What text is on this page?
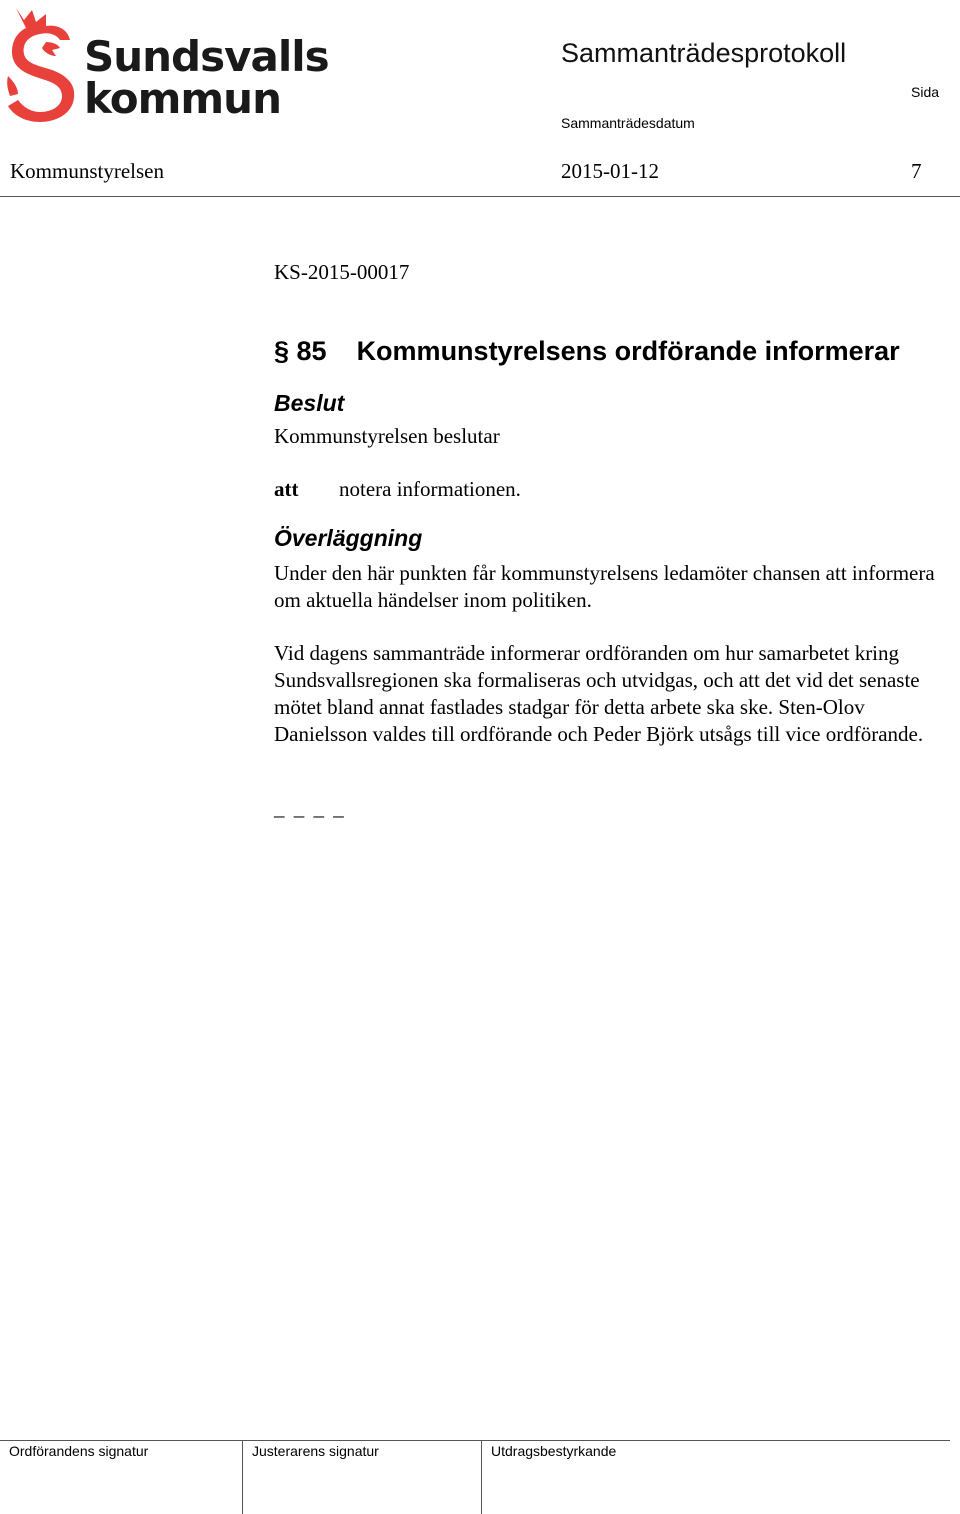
Sundsvalls
kommun
Sammanträdesprotokoll
Sida
Sammanträdesdatum
Kommunstyrelsen	2015-01-12	7
KS-2015-00017
§ 85 Kommunstyrelsens ordförande informerar
Beslut
Kommunstyrelsen beslutar
att notera informationen.
Överläggning
Under den här punkten får kommunstyrelsens ledamöter chansen att informera om aktuella händelser inom politiken.
Vid dagens sammanträde informerar ordföranden om hur samarbetet kring Sundsvallsregionen ska formaliseras och utvidgas, och att det vid det senaste mötet bland annat fastlades stadgar för detta arbete ska ske. Sten-Olov Danielsson valdes till ordförande och Peder Björk utsågs till vice ordförande.
_ _ _ _
Ordförandens signatur	Justerarens signatur	Utdragsbestyrkande
